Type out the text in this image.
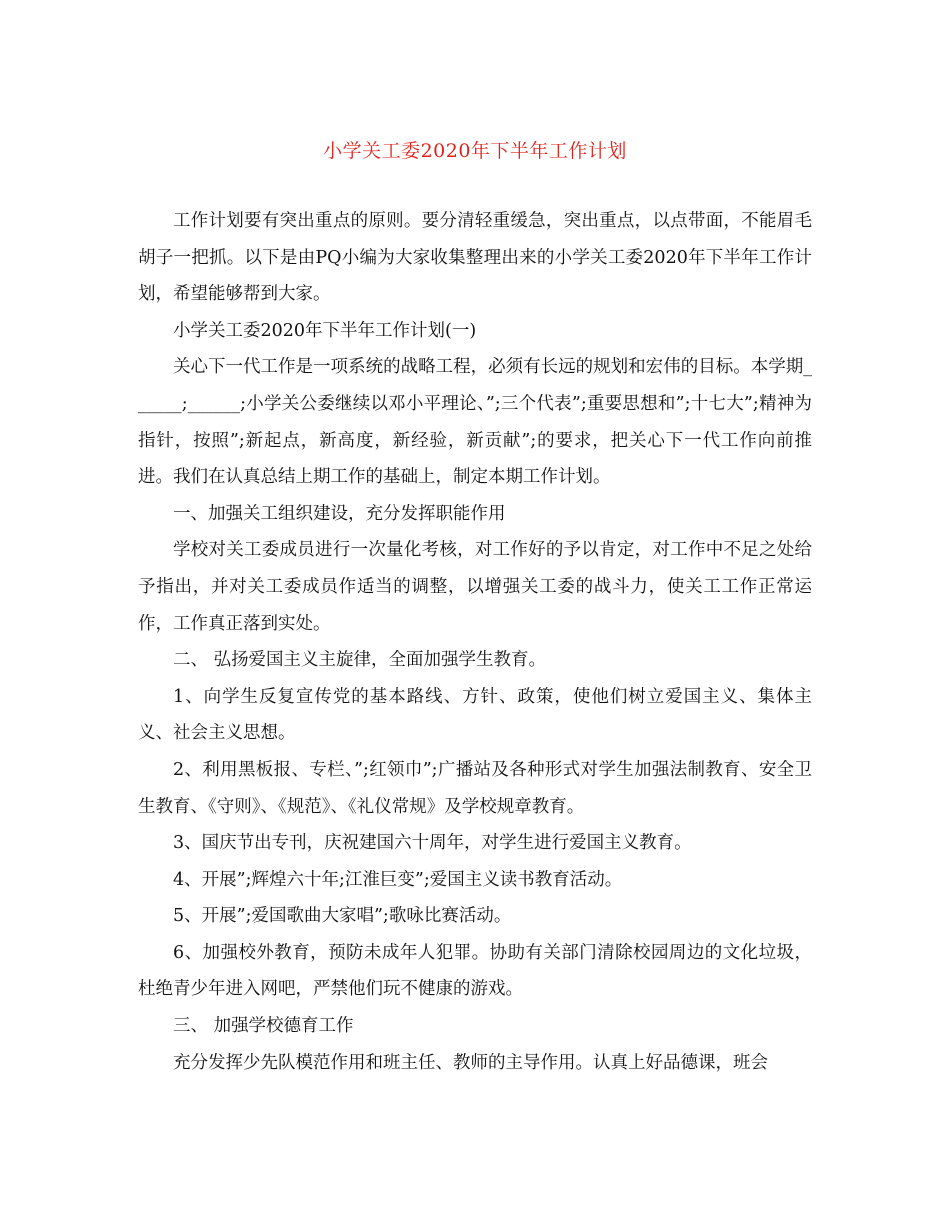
小学关工委2020年下半年工作计划

工作计划要有突出重点的原则。要分清轻重缓急，突出重点，以点带面，不能眉毛胡子一把抓。以下是由PQ小编为大家收集整理出来的小学关工委2020年下半年工作计划，希望能够帮到大家。

小学关工委2020年下半年工作计划(一)

关心下一代工作是一项系统的战略工程，必须有长远的规划和宏伟的目标。本学期______;______;小学关公委继续以邓小平理论、”;三个代表”;重要思想和”;十七大”;精神为指针，按照”;新起点，新高度，新经验，新贡献”;的要求，把关心下一代工作向前推进。我们在认真总结上期工作的基础上，制定本期工作计划。

一、加强关工组织建设，充分发挥职能作用

学校对关工委成员进行一次量化考核，对工作好的予以肯定，对工作中不足之处给予指出，并对关工委成员作适当的调整，以增强关工委的战斗力，使关工工作正常运作，工作真正落到实处。

二、 弘扬爱国主义主旋律，全面加强学生教育。

1、向学生反复宣传党的基本路线、方针、政策，使他们树立爱国主义、集体主义、社会主义思想。

2、利用黑板报、专栏、”;红领巾”;广播站及各种形式对学生加强法制教育、安全卫生教育、《守则》、《规范》、《礼仪常规》及学校规章教育。

3、国庆节出专刊，庆祝建国六十周年，对学生进行爱国主义教育。

4、开展”;辉煌六十年;江淮巨变”;爱国主义读书教育活动。

5、开展”;爱国歌曲大家唱”;歌咏比赛活动。

6、加强校外教育，预防未成年人犯罪。协助有关部门清除校园周边的文化垃圾，杜绝青少年进入网吧，严禁他们玩不健康的游戏。

三、 加强学校德育工作

充分发挥少先队模范作用和班主任、教师的主导作用。认真上好品德课，班会
